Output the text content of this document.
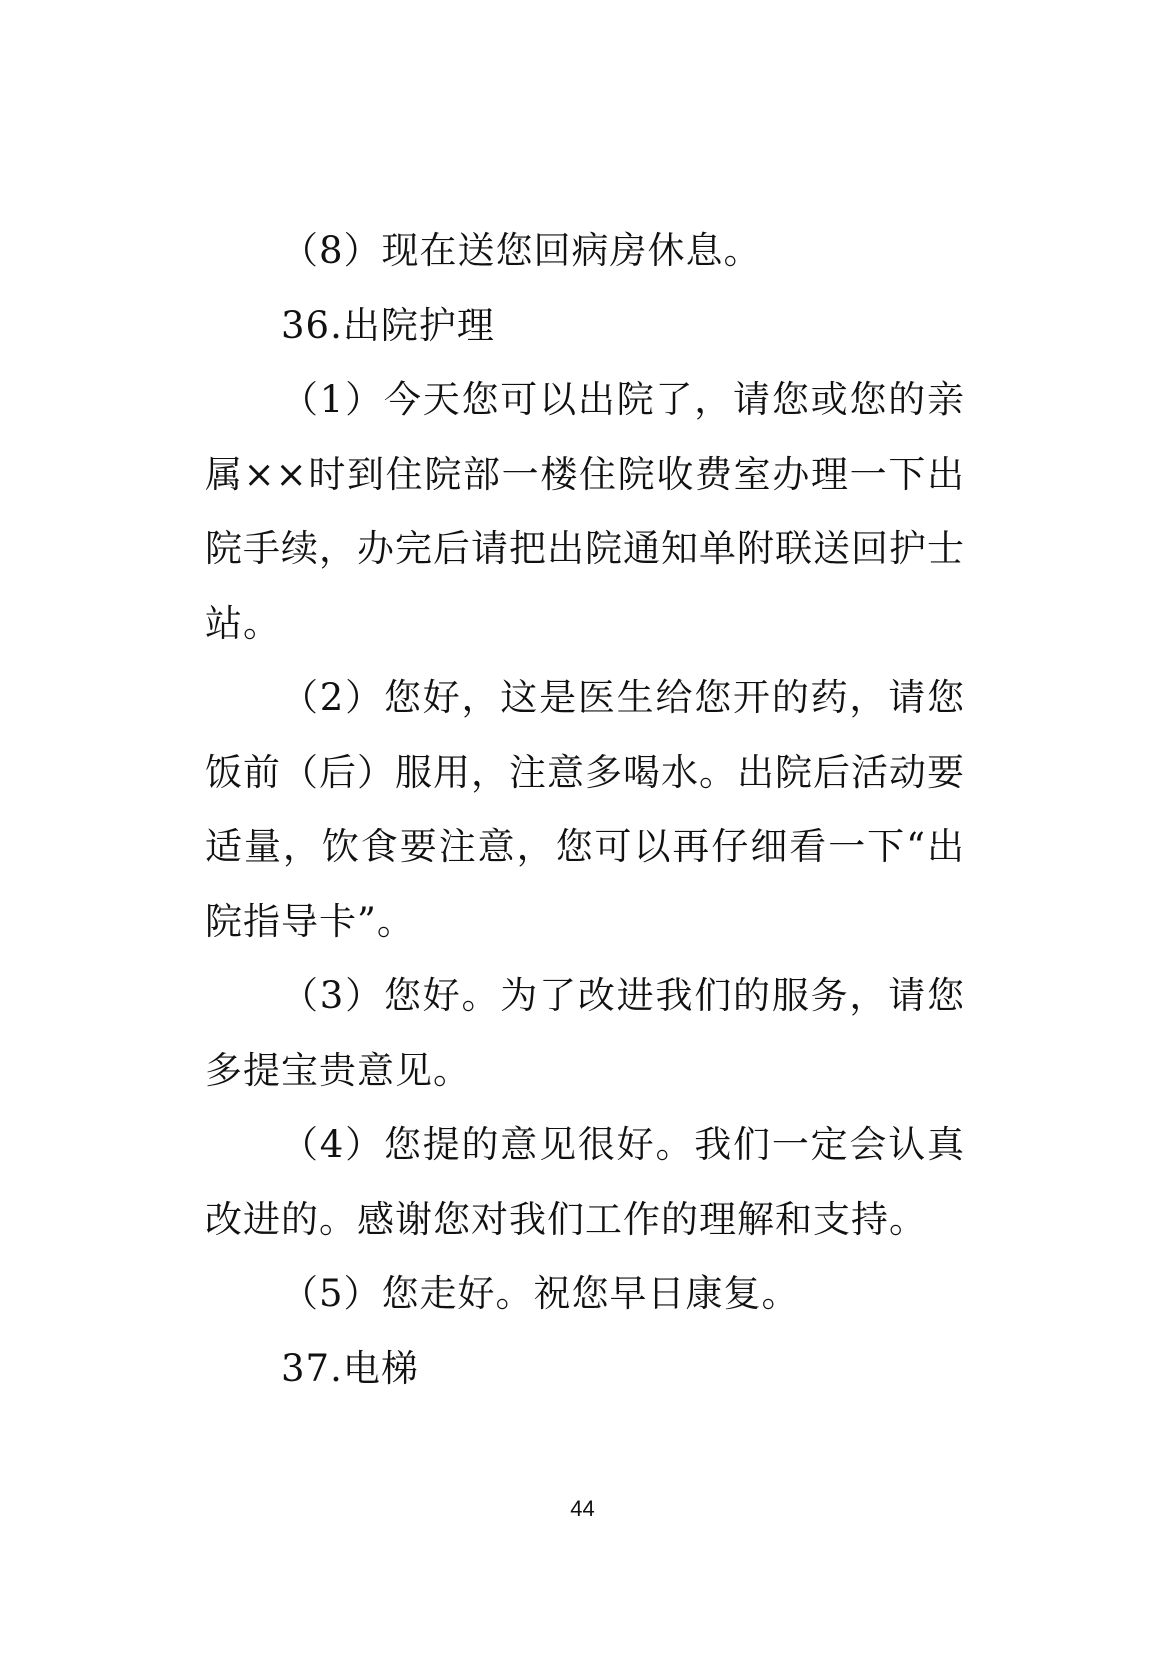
（8）现在送您回病房休息。

36.出院护理

（1）今天您可以出院了，请您或您的亲属××时到住院部一楼住院收费室办理一下出院手续，办完后请把出院通知单附联送回护士站。

（2）您好，这是医生给您开的药，请您饭前（后）服用，注意多喝水。出院后活动要适量，饮食要注意，您可以再仔细看一下“出院指导卡”。

（3）您好。为了改进我们的服务，请您多提宝贵意见。

（4）您提的意见很好。我们一定会认真改进的。感谢您对我们工作的理解和支持。

（5）您走好。祝您早日康复。

37.电梯

44
